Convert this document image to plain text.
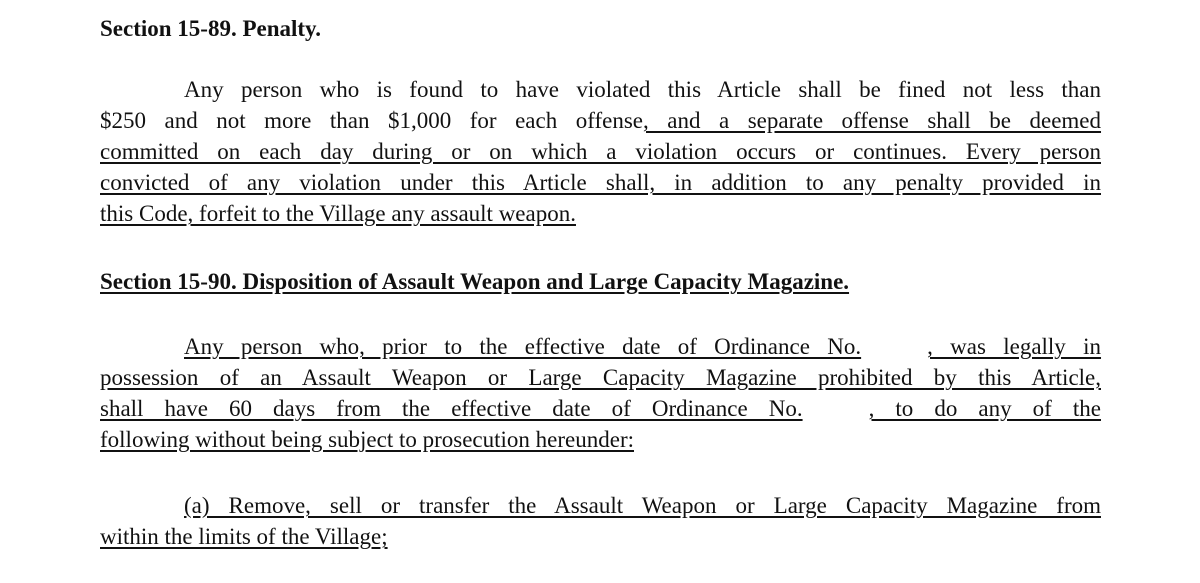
Section 15-89. Penalty.
Any person who is found to have violated this Article shall be fined not less than
$250 and not more than $1,000 for each offense, and a separate offense shall be deemed
committed on each day during or on which a violation occurs or continues. Every person
convicted of any violation under this Article shall, in addition to any penalty provided in
this Code, forfeit to the Village any assault weapon.
Section 15-90. Disposition of Assault Weapon and Large Capacity Magazine.
Any person who, prior to the effective date of Ordinance No.	, was legally in
possession of an Assault Weapon or Large Capacity Magazine prohibited by this Article,
shall have 60 days from the effective date of Ordinance No.	, to do any of the
following without being subject to prosecution hereunder:
(a) Remove, sell or transfer the Assault Weapon or Large Capacity Magazine from
within the limits of the Village;
